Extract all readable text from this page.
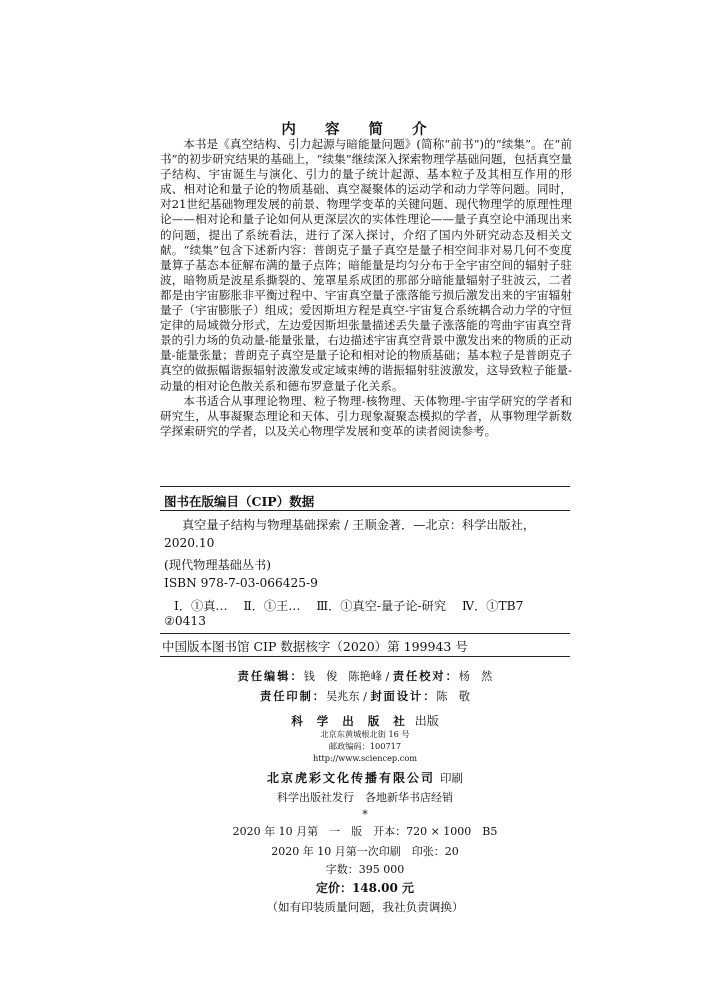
内 容 简 介

本书是《真空结构、引力起源与暗能量问题》(简称“前书”)的“续集”。在“前书”的初步研究结果的基础上，“续集”继续深入探索物理学基础问题，包括真空量子结构、宇宙诞生与演化、引力的量子统计起源、基本粒子及其相互作用的形成、相对论和量子论的物质基础、真空凝聚体的运动学和动力学等问题。同时，对21世纪基础物理发展的前景、物理学变革的关键问题、现代物理学的原理性理论——相对论和量子论如何从更深层次的实体性理论——量子真空论中涌现出来的问题，提出了系统看法，进行了深入探讨，介绍了国内外研究动态及相关文献。“续集”包含下述新内容：普朗克子量子真空是量子相空间非对易几何不变度量算子基态本征解布满的量子点阵；暗能量是均匀分布于全宇宙空间的辐射子驻波，暗物质是波星系撕裂的、笼罩星系成团的那部分暗能量辐射子驻波云，二者都是由宇宙膨胀非平衡过程中、宇宙真空量子涨落能亏损后激发出来的宇宙辐射量子（宇宙膨胀子）组成；爱因斯坦方程是真空-宇宙复合系统耦合动力学的守恒定律的局域微分形式，左边爱因斯坦张量描述丢失量子涨落能的弯曲宇宙真空背景的引力场的负动量-能量张量，右边描述宇宙真空背景中激发出来的物质的正动量-能量张量；普朗克子真空是量子论和相对论的物质基础；基本粒子是普朗克子真空的做振幅谐振辐射波激发或定域束缚的谐振辐射驻波激发，这导致粒子能量-动量的相对论色散关系和德布罗意量子化关系。

本书适合从事理论物理、粒子物理-核物理、天体物理-宇宙学研究的学者和研究生，从事凝聚态理论和天体、引力现象凝聚态模拟的学者，从事物理学新数学探索研究的学者，以及关心物理学发展和变革的读者阅读参考。

图书在版编目（CIP）数据
真空量子结构与物理基础探索 / 王顺金著．—北京：科学出版社，
2020.10
(现代物理基础丛书)
ISBN 978-7-03-066425-9
Ⅰ．①真… Ⅱ．①王… Ⅲ．①真空-量子论-研究 Ⅳ．①TB7
②0413
中国版本图书馆 CIP 数据核字（2020）第 199943 号
责任编辑：钱　俊　陈艳峰 / 责任校对：杨　然
责任印制：吴兆东 / 封面设计：陈　敬
科 学 出 版 社 出版
北京东黄城根北街 16 号
邮政编码：100717
http://www.sciencep.com
北京虎彩文化传播有限公司 印刷
科学出版社发行　各地新华书店经销
*
2020 年 10 月第　一　版　开本：720 × 1000　B5
2020 年 10 月第一次印刷　印张：20
字数：395 000
定价：148.00 元
（如有印装质量问题，我社负责调换）
